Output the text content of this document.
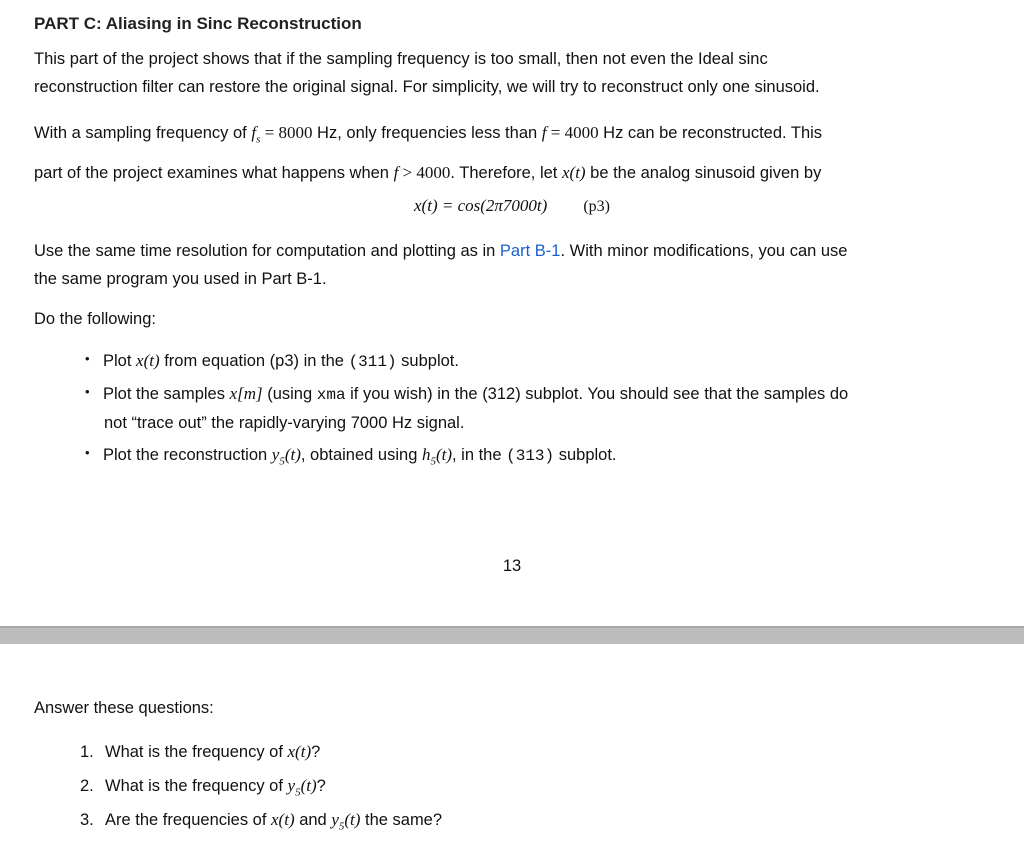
PART C: Aliasing in Sinc Reconstruction
This part of the project shows that if the sampling frequency is too small, then not even the Ideal sinc
reconstruction filter can restore the original signal. For simplicity, we will try to reconstruct only one sinusoid.
With a sampling frequency of $f_s = 8000$ Hz, only frequencies less than f = 4000 Hz can be reconstructed. This
part of the project examines what happens when f > 4000. Therefore, let x(t) be the analog sinusoid given by
x(t) = cos(2π7000t) (p3)
Use the same time resolution for computation and plotting as in Part B-1. With minor modifications, you can use
the same program you used in Part B-1.
Do the following:
• Plot x(t) from equation (p3) in the (311) subplot.
• Plot the samples x[m] (using xma if you wish) in the (312) subplot. You should see that the samples do
not “trace out” the rapidly-varying 7000 Hz signal.
• Plot the reconstruction $y_5(t)$, obtained using $h_5(t)$, in the (313) subplot.
13
Answer these questions:
1. What is the frequency of x(t)?
2. What is the frequency of $y_5(t)$?
3. Are the frequencies of x(t) and $y_5(t)$ the same?
